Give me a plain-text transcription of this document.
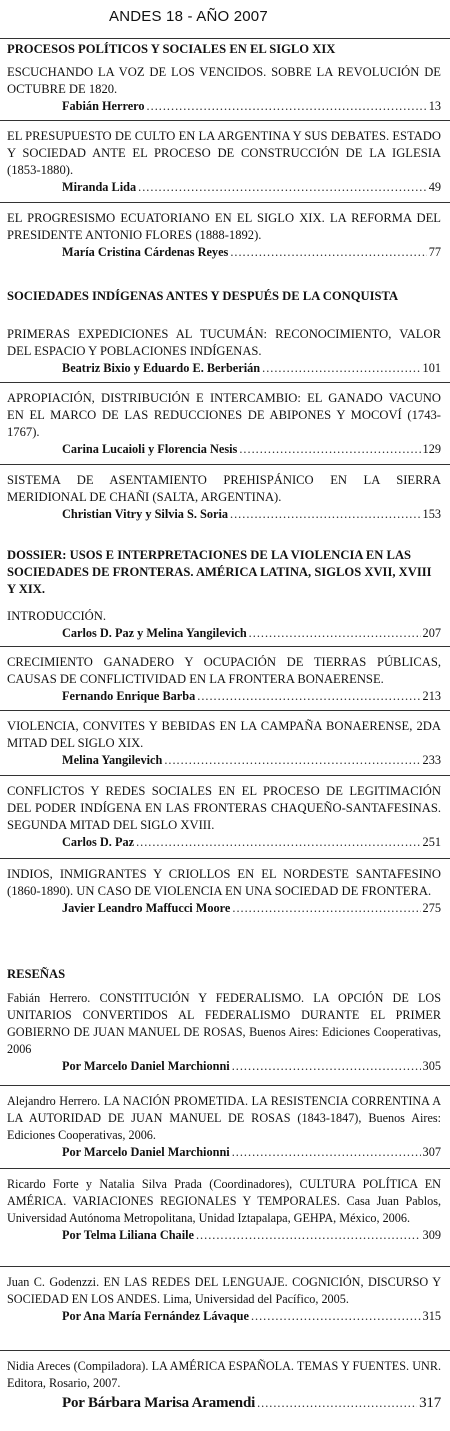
ANDES 18 - AÑO 2007
PROCESOS POLÍTICOS Y SOCIALES EN EL SIGLO XIX
ESCUCHANDO LA VOZ DE LOS VENCIDOS. SOBRE LA REVOLUCIÓN DE OCTUBRE DE 1820.
Fabián Herrero .....	13
EL PRESUPUESTO DE CULTO EN LA ARGENTINA Y SUS DEBATES. ESTADO Y SOCIEDAD ANTE EL PROCESO DE CONSTRUCCIÓN DE LA IGLESIA (1853-1880).
Miranda Lida .....	49
EL PROGRESISMO ECUATORIANO EN EL SIGLO XIX. LA REFORMA DEL PRESIDENTE ANTONIO FLORES (1888-1892).
María Cristina Cárdenas Reyes .....	77
SOCIEDADES INDÍGENAS ANTES Y DESPUÉS DE LA CONQUISTA
PRIMERAS EXPEDICIONES AL TUCUMÁN: RECONOCIMIENTO, VALOR DEL ESPACIO Y POBLACIONES INDÍGENAS.
Beatriz Bixio y Eduardo E. Berberián .....	101
APROPIACIÓN, DISTRIBUCIÓN E INTERCAMBIO: EL GANADO VACUNO EN EL MARCO DE LAS REDUCCIONES DE ABIPONES Y MOCOVÍ (1743-1767).
Carina Lucaioli y Florencia Nesis .....	129
SISTEMA DE ASENTAMIENTO PREHISPÁNICO EN LA SIERRA MERIDIONAL DE CHAÑI (SALTA, ARGENTINA).
Christian Vitry y Silvia S. Soria .....	153
DOSSIER: USOS E INTERPRETACIONES DE LA VIOLENCIA EN LAS SOCIEDADES DE FRONTERAS. AMÉRICA LATINA, SIGLOS XVII, XVIII Y XIX.
INTRODUCCIÓN.
Carlos D. Paz y Melina Yangilevich .....	207
CRECIMIENTO GANADERO Y OCUPACIÓN DE TIERRAS PÚBLICAS, CAUSAS DE CONFLICTIVIDAD EN LA FRONTERA BONAERENSE.
Fernando Enrique Barba .....	213
VIOLENCIA, CONVITES Y BEBIDAS EN LA CAMPAÑA BONAERENSE, 2DA MITAD DEL SIGLO XIX.
Melina Yangilevich .....	233
CONFLICTOS Y REDES SOCIALES EN EL PROCESO DE LEGITIMACIÓN DEL PODER INDÍGENA EN LAS FRONTERAS CHAQUEÑO-SANTAFESINAS. SEGUNDA MITAD DEL SIGLO XVIII.
Carlos D. Paz .....	251
INDIOS, INMIGRANTES Y CRIOLLOS EN EL NORDESTE SANTAFESINO (1860-1890). UN CASO DE VIOLENCIA EN UNA SOCIEDAD DE FRONTERA.
Javier Leandro Maffucci Moore .....	275
RESEÑAS
Fabián Herrero. CONSTITUCIÓN Y FEDERALISMO. LA OPCIÓN DE LOS UNITARIOS CONVERTIDOS AL FEDERALISMO DURANTE EL PRIMER GOBIERNO DE JUAN MANUEL DE ROSAS, Buenos Aires: Ediciones Cooperativas, 2006
Por Marcelo Daniel Marchionni .....	305
Alejandro Herrero. LA NACIÓN PROMETIDA. LA RESISTENCIA CORRENTINA A LA AUTORIDAD DE JUAN MANUEL DE ROSAS (1843-1847), Buenos Aires: Ediciones Cooperativas, 2006.
Por Marcelo Daniel Marchionni .....	307
Ricardo Forte y Natalia Silva Prada (Coordinadores), CULTURA POLÍTICA EN AMÉRICA. VARIACIONES REGIONALES Y TEMPORALES. Casa Juan Pablos, Universidad Autónoma Metropolitana, Unidad Iztapalapa, GEHPA, México, 2006.
Por Telma Liliana Chaile .....	309
Juan C. Godenzzi. EN LAS REDES DEL LENGUAJE. COGNICIÓN, DISCURSO Y SOCIEDAD EN LOS ANDES. Lima, Universidad del Pacífico, 2005.
Por Ana María Fernández Lávaque .....	315
Nidia Areces (Compiladora). LA AMÉRICA ESPAÑOLA. TEMAS Y FUENTES. UNR. Editora, Rosario, 2007.
Por Bárbara Marisa Aramendi .....	317
